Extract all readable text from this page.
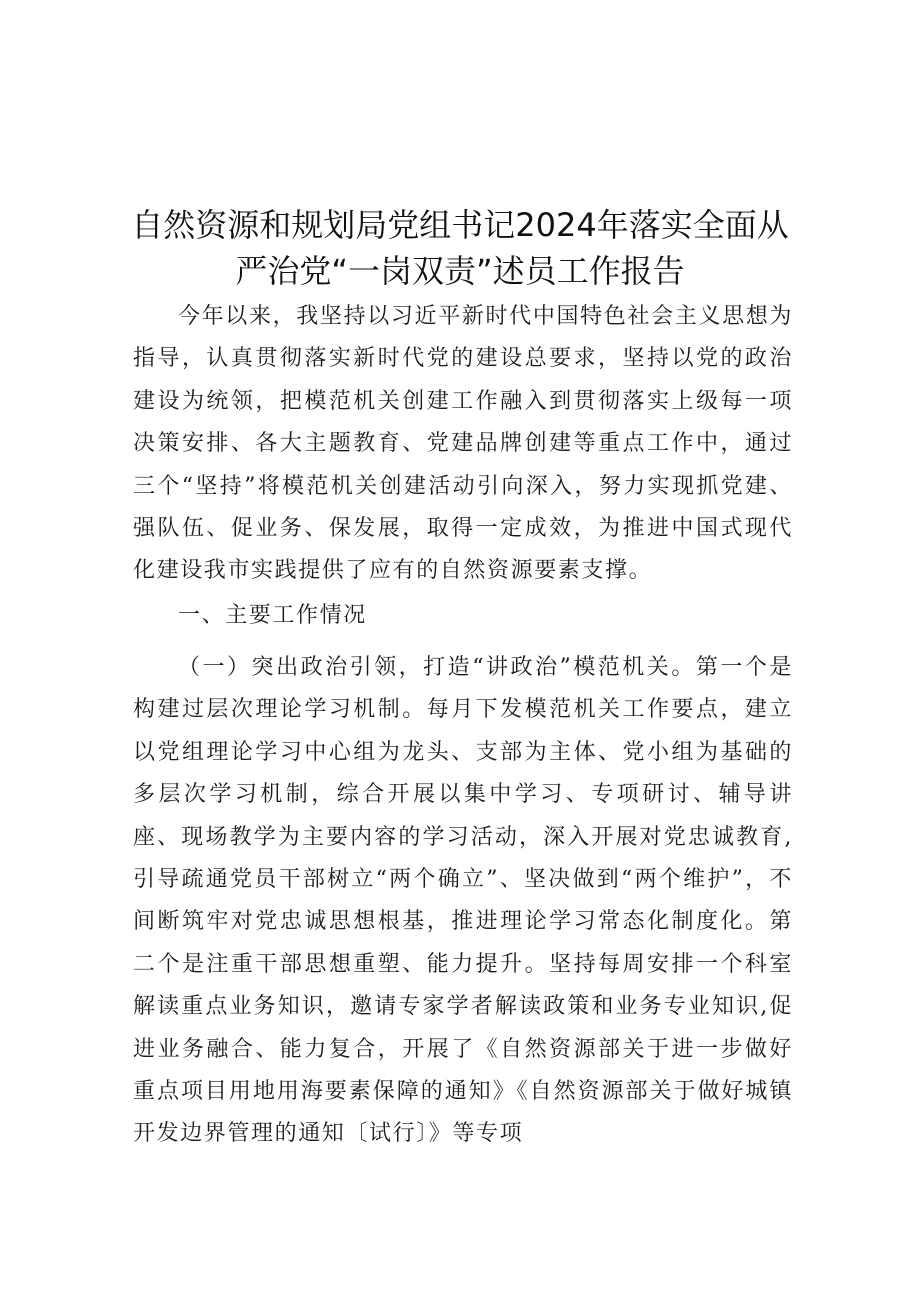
自然资源和规划局党组书记2024年落实全面从
严治党“一岗双责”述员工作报告

今年以来，我坚持以习近平新时代中国特色社会主义思想为指导，认真贯彻落实新时代党的建设总要求，坚持以党的政治建设为统领，把模范机关创建工作融入到贯彻落实上级每一项决策安排、各大主题教育、党建品牌创建等重点工作中，通过三个“坚持”将模范机关创建活动引向深入，努力实现抓党建、强队伍、促业务、保发展，取得一定成效，为推进中国式现代化建设我市实践提供了应有的自然资源要素支撑。

一、主要工作情况

（一）突出政治引领，打造“讲政治”模范机关。第一个是构建过层次理论学习机制。每月下发模范机关工作要点，建立以党组理论学习中心组为龙头、支部为主体、党小组为基础的多层次学习机制，综合开展以集中学习、专项研讨、辅导讲座、现场教学为主要内容的学习活动，深入开展对党忠诚教育,引导疏通党员干部树立“两个确立”、坚决做到“两个维护”，不间断筑牢对党忠诚思想根基，推进理论学习常态化制度化。第二个是注重干部思想重塑、能力提升。坚持每周安排一个科室解读重点业务知识，邀请专家学者解读政策和业务专业知识,促进业务融合、能力复合，开展了《自然资源部关于进一步做好重点项目用地用海要素保障的通知》《自然资源部关于做好城镇开发边界管理的通知〔试行〕》等专项
